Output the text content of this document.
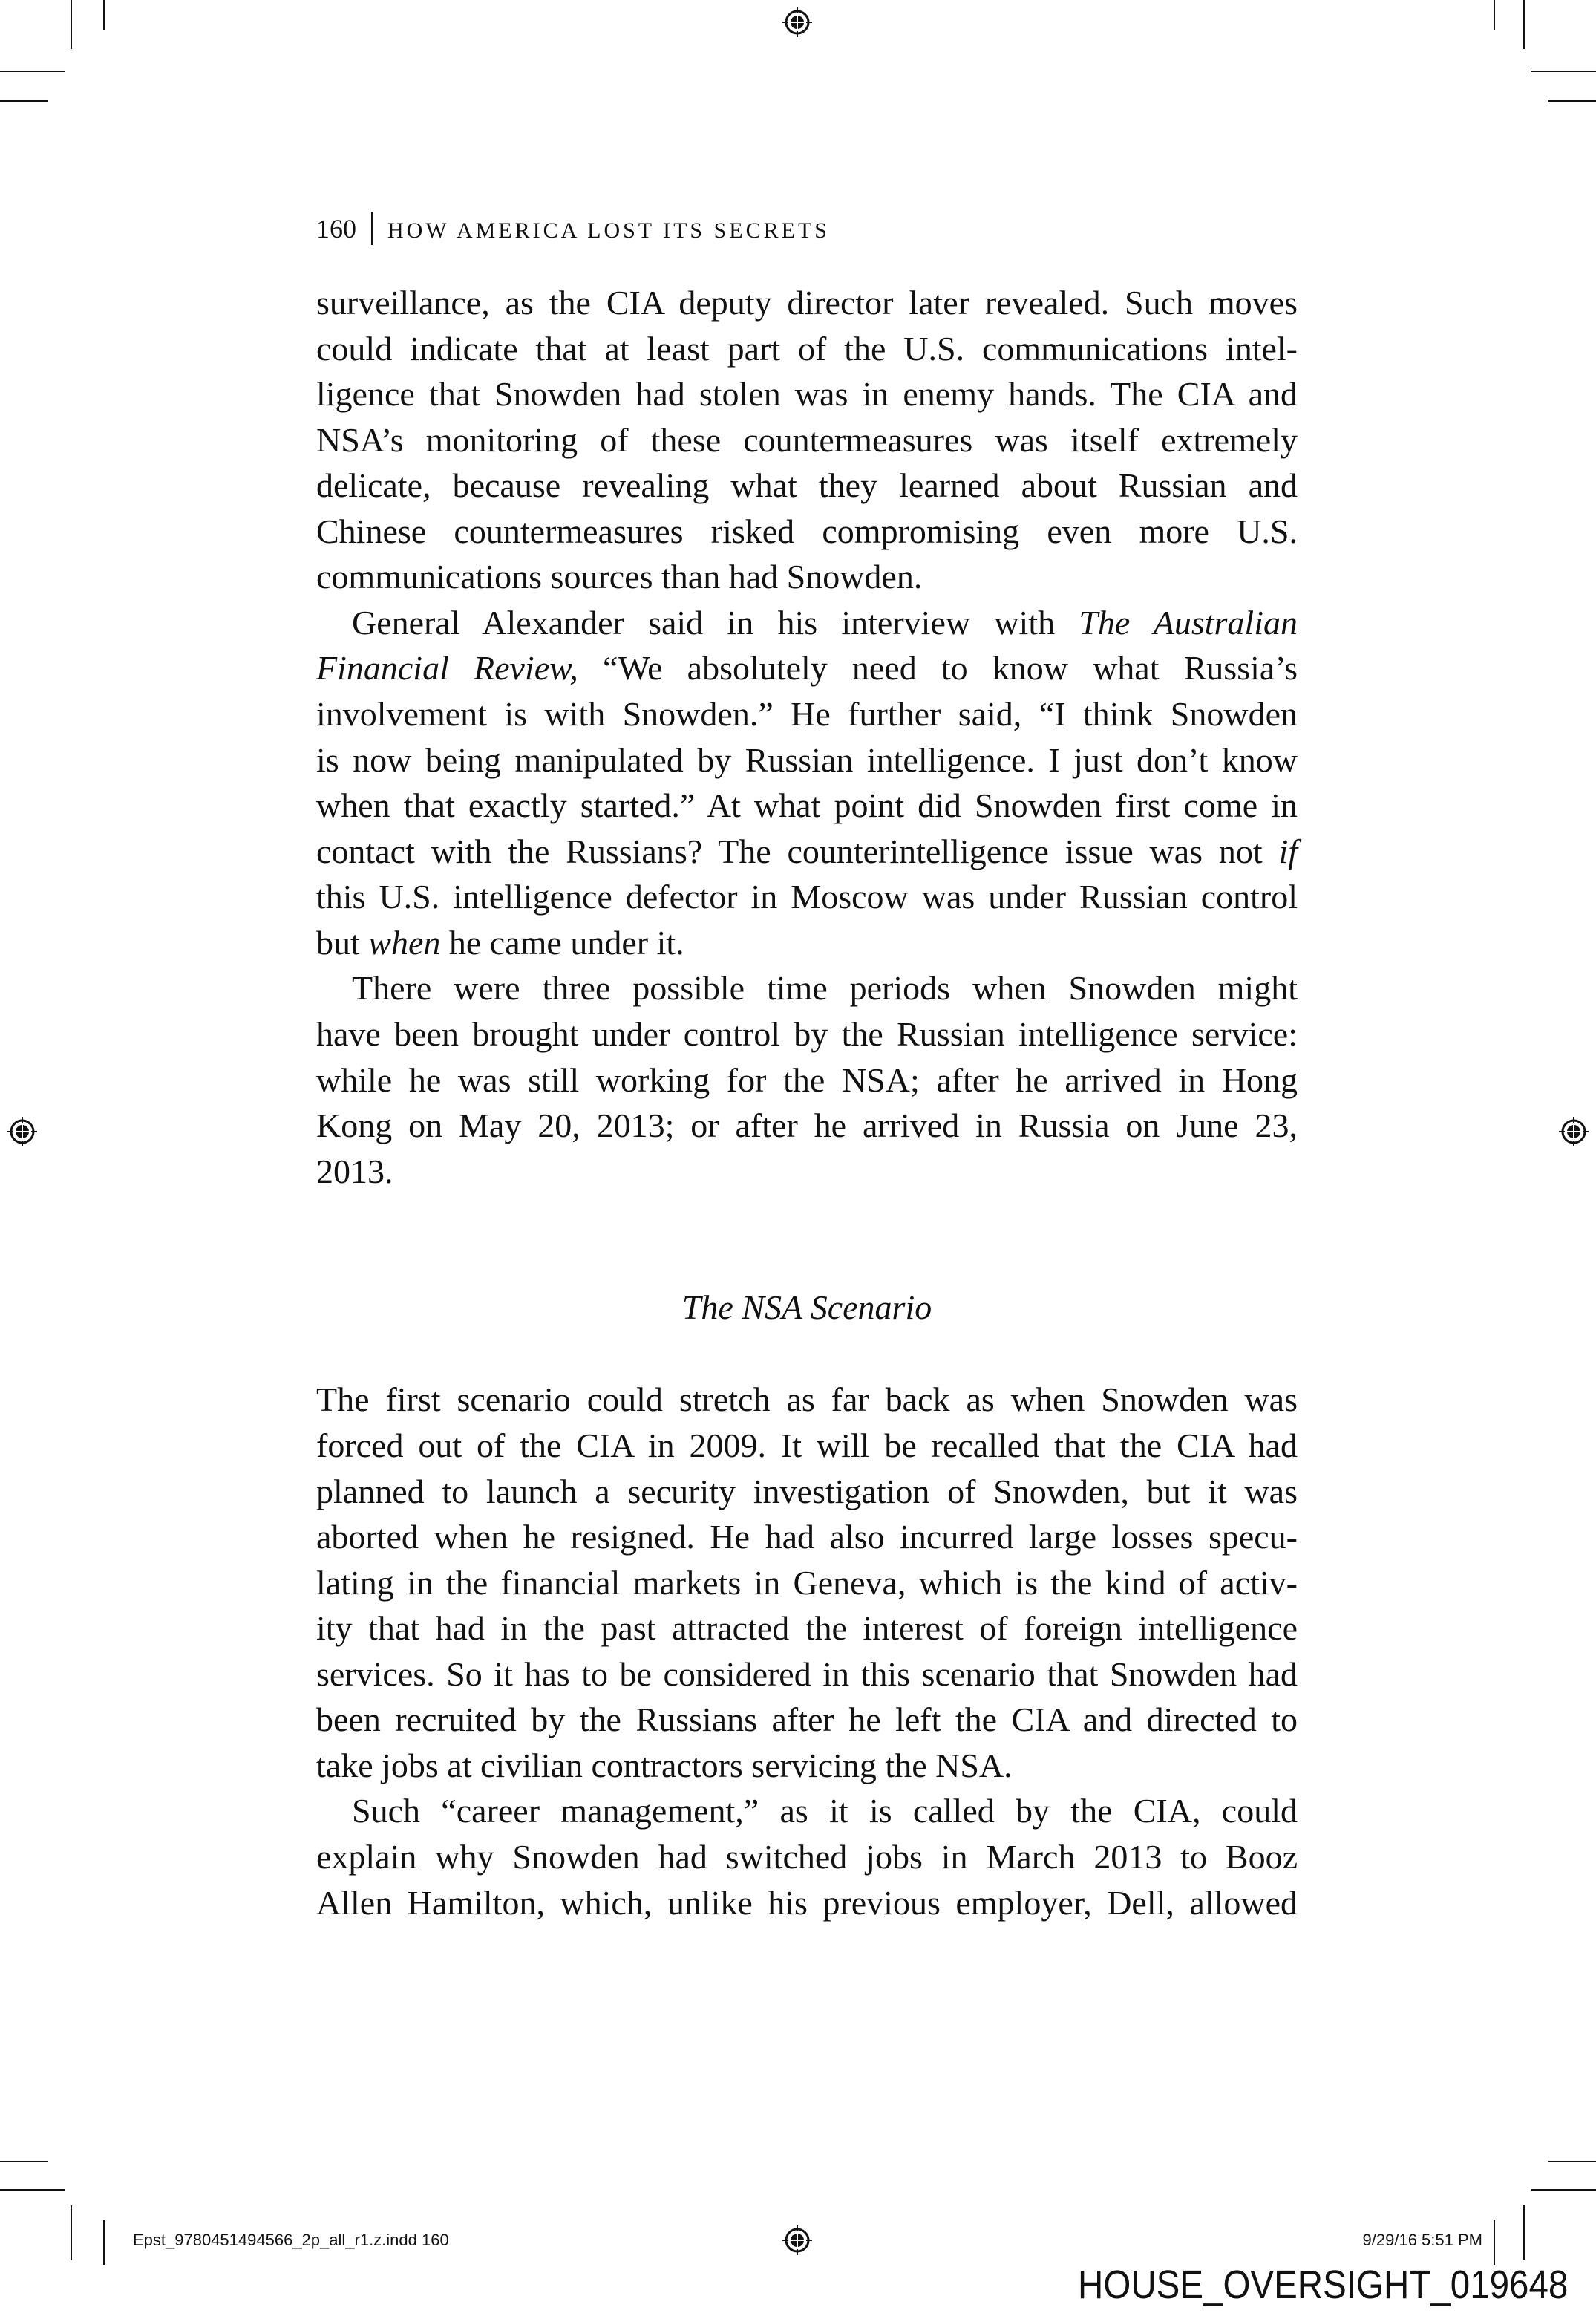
160 HOW AMERICA LOST ITS SECRETS
surveillance, as the CIA deputy director later revealed. Such moves
could indicate that at least part of the U.S. communications intel-
ligence that Snowden had stolen was in enemy hands. The CIA and
NSA’s monitoring of these countermeasures was itself extremely
delicate, because revealing what they learned about Russian and
Chinese countermeasures risked compromising even more U.S.
communications sources than had Snowden.
General Alexander said in his interview with The Australian
Financial Review, “We absolutely need to know what Russia’s
involvement is with Snowden.” He further said, “I think Snowden
is now being manipulated by Russian intelligence. I just don’t know
when that exactly started.” At what point did Snowden first come in
contact with the Russians? The counterintelligence issue was not if
this U.S. intelligence defector in Moscow was under Russian control
but when he came under it.
There were three possible time periods when Snowden might
have been brought under control by the Russian intelligence service:
while he was still working for the NSA; after he arrived in Hong
Kong on May 20, 2013; or after he arrived in Russia on June 23,
2013.
The first scenario could stretch as far back as when Snowden was
forced out of the CIA in 2009. It will be recalled that the CIA had
planned to launch a security investigation of Snowden, but it was
aborted when he resigned. He had also incurred large losses specu-
lating in the financial markets in Geneva, which is the kind of activ-
ity that had in the past attracted the interest of foreign intelligence
services. So it has to be considered in this scenario that Snowden had
been recruited by the Russians after he left the CIA and directed to
take jobs at civilian contractors servicing the NSA.
Such “career management,” as it is called by the CIA, could
explain why Snowden had switched jobs in March 2013 to Booz
Allen Hamilton, which, unlike his previous employer, Dell, allowed
The NSA Scenario
Epst_9780451494566_2p_all_r1.z.indd 160	9/29/16 5:51 PM
HOUSE_OVERSIGHT_019648
